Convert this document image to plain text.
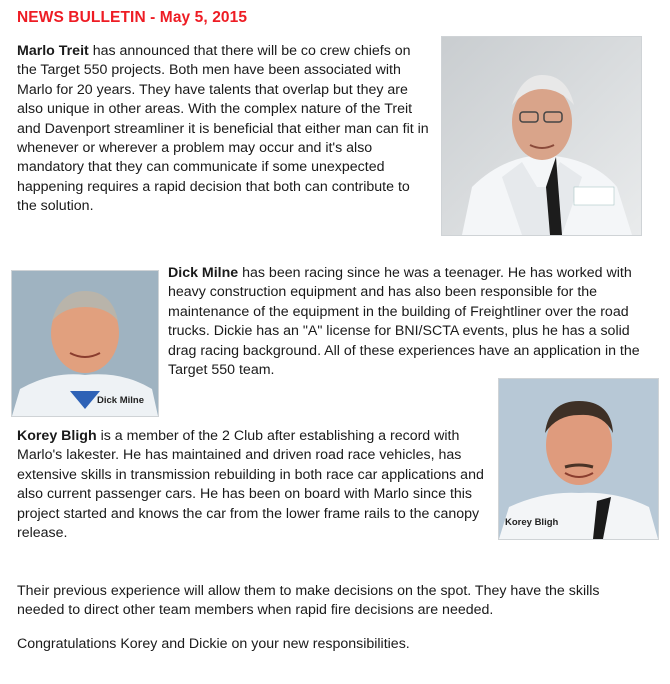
NEWS BULLETIN - May 5, 2015

Marlo Treit has announced that there will be co crew chiefs on the Target 550 projects. Both men have been associated with Marlo for 20 years. They have talents that overlap but they are also unique in other areas. With the complex nature of the Treit and Davenport streamliner it is beneficial that either man can fit in whenever or wherever a problem may occur and it's also mandatory that they can communicate if some unexpected happening requires a rapid decision that both can contribute to the solution.

Dick Milne

Dick Milne has been racing since he was a teenager. He has worked with heavy construction equipment and has also been responsible for the maintenance of the equipment in the building of Freightliner over the road trucks. Dickie has an "A" license for BNI/SCTA events, plus he has a solid drag racing background. All of these experiences have an application in the Target 550 team.

Korey Bligh is a member of the 2 Club after establishing a record with Marlo's lakester. He has maintained and driven road race vehicles, has extensive skills in transmission rebuilding in both race car applications and also current passenger cars. He has been on board with Marlo since this project started and knows the car from the lower frame rails to the canopy release.

Korey Bligh

Their previous experience will allow them to make decisions on the spot. They have the skills needed to direct other team members when rapid fire decisions are needed.

Congratulations Korey and Dickie on your new responsibilities.
